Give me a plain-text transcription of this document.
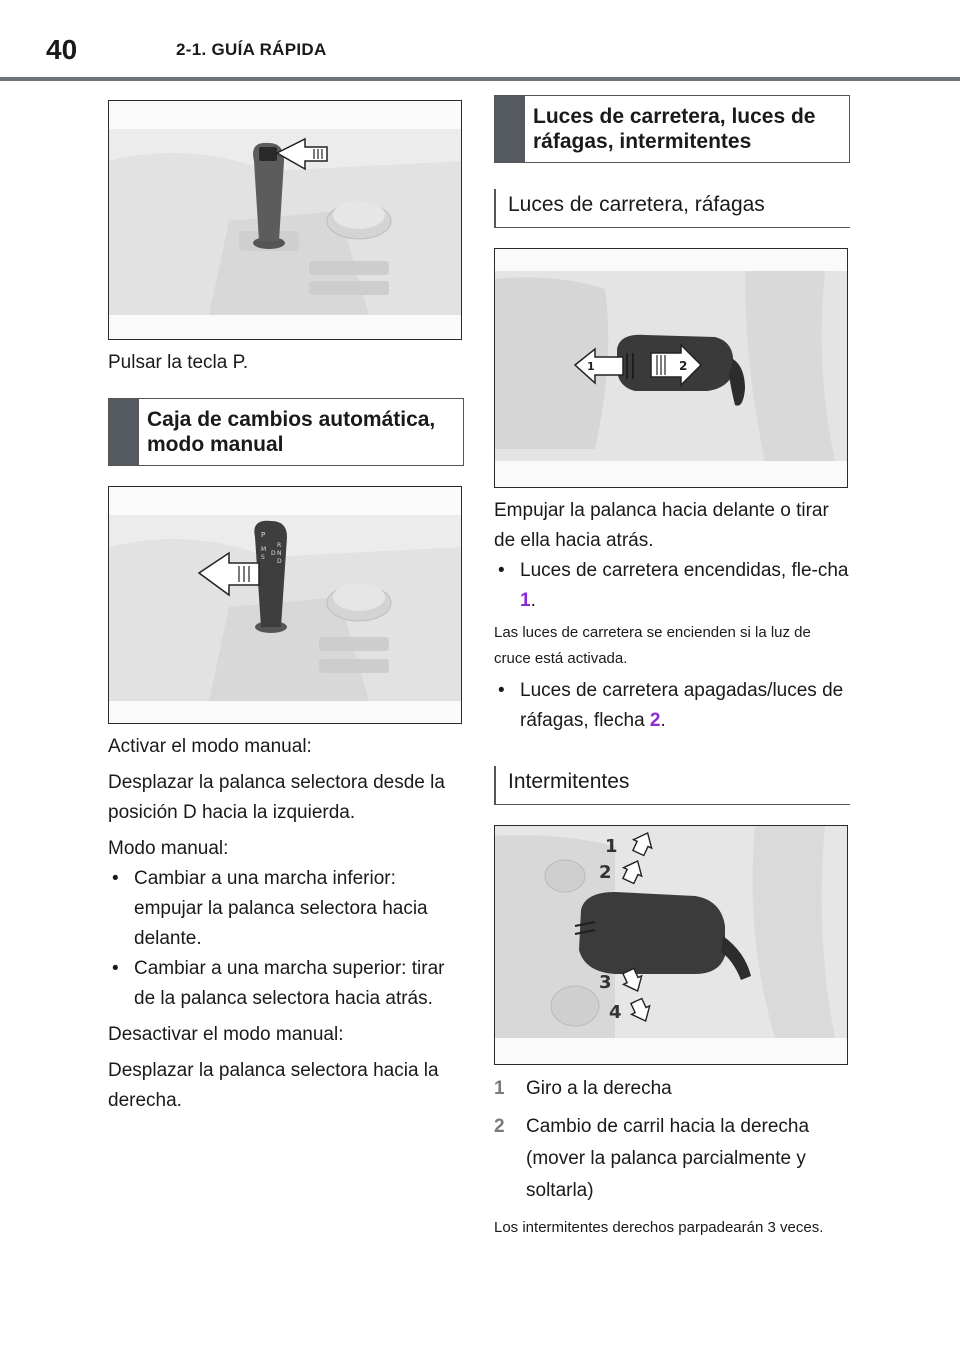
40	2-1. GUÍA RÁPIDA
Pulsar la tecla P.
Caja de cambios automática, modo manual
P
M
S
D
R
N
D
Activar el modo manual:
Desplazar la palanca selectora desde la posición D hacia la izquierda.
Modo manual:
• Cambiar a una marcha inferior: empujar la palanca selectora hacia delante.
• Cambiar a una marcha superior: tirar de la palanca selectora hacia atrás.
Desactivar el modo manual:
Desplazar la palanca selectora hacia la derecha.
Luces de carretera, luces de ráfagas, intermitentes
Luces de carretera, ráfagas
1	2
Empujar la palanca hacia delante o tirar de ella hacia atrás.
• Luces de carretera encendidas, fle-cha 1.
Las luces de carretera se encienden si la luz de cruce está activada.
• Luces de carretera apagadas/luces de ráfagas, flecha 2.
Intermitentes
1
2
3
4
1	Giro a la derecha
2	Cambio de carril hacia la derecha (mover la palanca parcialmente y soltarla)
Los intermitentes derechos parpadearán 3 veces.
